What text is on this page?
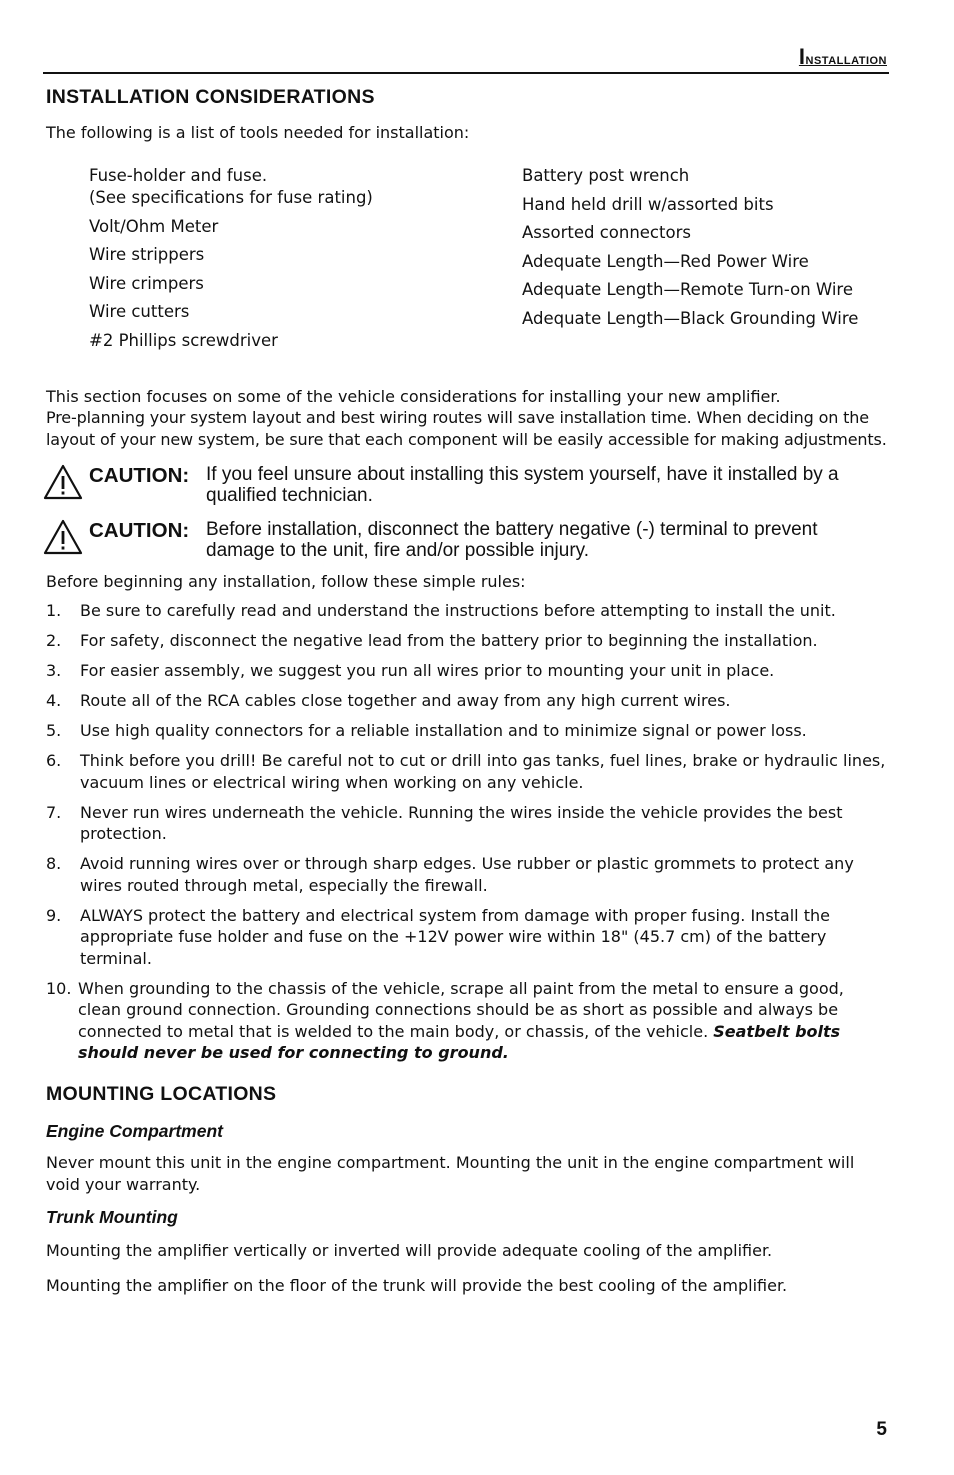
Installation
INSTALLATION CONSIDERATIONS
The following is a list of tools needed for installation:
Fuse-holder and fuse.
(See specifications for fuse rating)
Volt/Ohm Meter
Wire strippers
Wire crimpers
Wire cutters
#2 Phillips screwdriver
Battery post wrench
Hand held drill w/assorted bits
Assorted connectors
Adequate Length—Red Power Wire
Adequate Length—Remote Turn-on Wire
Adequate Length—Black Grounding Wire
This section focuses on some of the vehicle considerations for installing your new amplifier.
Pre-planning your system layout and best wiring routes will save installation time. When deciding on the layout of your new system, be sure that each component will be easily accessible for making adjustments.
CAUTION: If you feel unsure about installing this system yourself, have it installed by a qualified technician.
CAUTION: Before installation, disconnect the battery negative (-) terminal to prevent damage to the unit, fire and/or possible injury.
Before beginning any installation, follow these simple rules:
1. Be sure to carefully read and understand the instructions before attempting to install the unit.
2. For safety, disconnect the negative lead from the battery prior to beginning the installation.
3. For easier assembly, we suggest you run all wires prior to mounting your unit in place.
4. Route all of the RCA cables close together and away from any high current wires.
5. Use high quality connectors for a reliable installation and to minimize signal or power loss.
6. Think before you drill! Be careful not to cut or drill into gas tanks, fuel lines, brake or hydraulic lines, vacuum lines or electrical wiring when working on any vehicle.
7. Never run wires underneath the vehicle. Running the wires inside the vehicle provides the best protection.
8. Avoid running wires over or through sharp edges. Use rubber or plastic grommets to protect any wires routed through metal, especially the firewall.
9. ALWAYS protect the battery and electrical system from damage with proper fusing. Install the appropriate fuse holder and fuse on the +12V power wire within 18" (45.7 cm) of the battery terminal.
10. When grounding to the chassis of the vehicle, scrape all paint from the metal to ensure a good, clean ground connection. Grounding connections should be as short as possible and always be connected to metal that is welded to the main body, or chassis, of the vehicle. Seatbelt bolts should never be used for connecting to ground.
MOUNTING LOCATIONS
Engine Compartment
Never mount this unit in the engine compartment. Mounting the unit in the engine compartment will void your warranty.
Trunk Mounting
Mounting the amplifier vertically or inverted will provide adequate cooling of the amplifier.
Mounting the amplifier on the floor of the trunk will provide the best cooling of the amplifier.
5
